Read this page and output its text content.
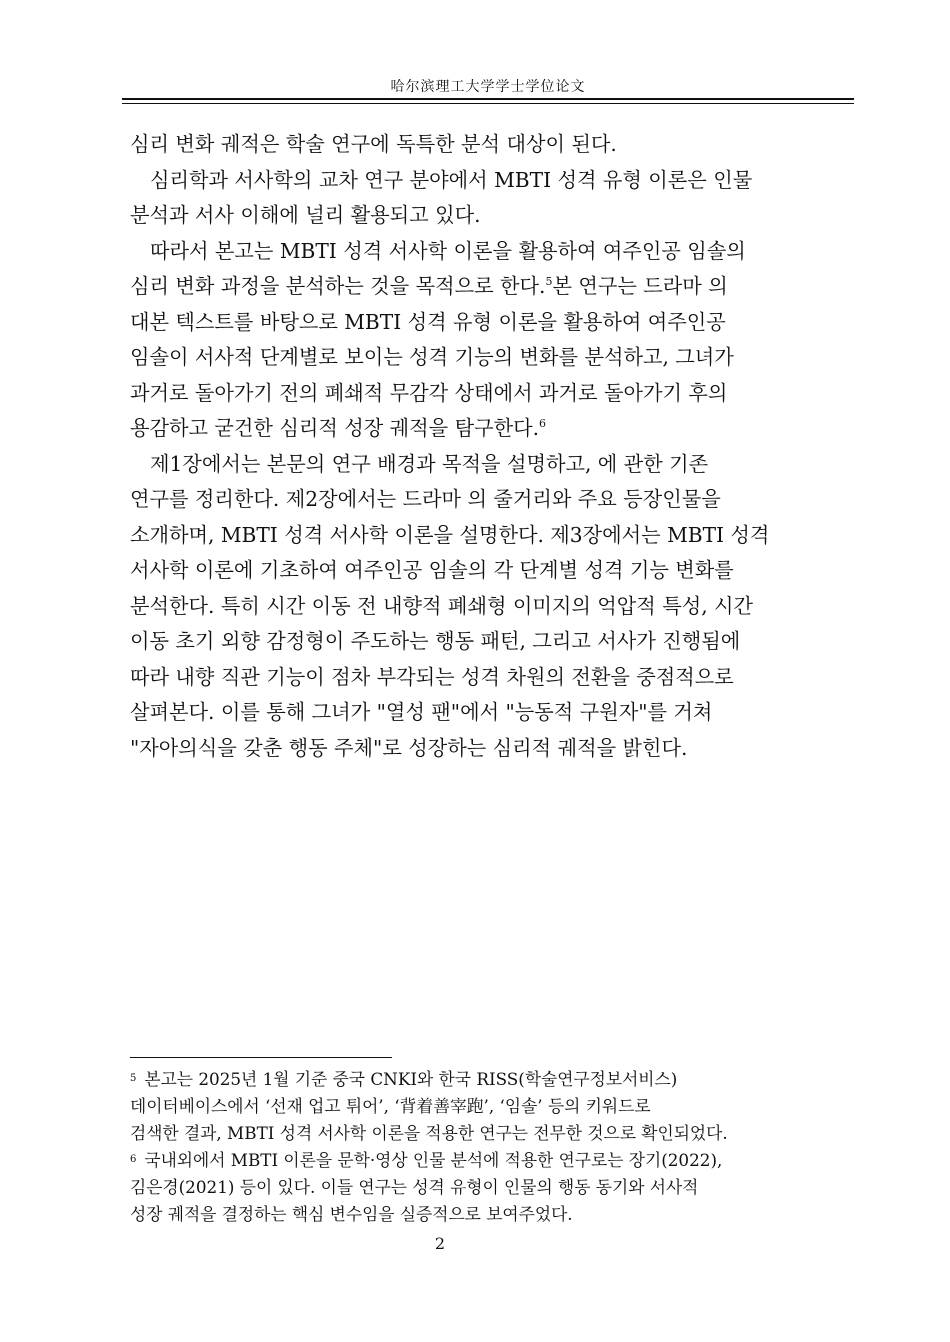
哈尔滨理工大学学士学位论文
심리 변화 궤적은 학술 연구에 독특한 분석 대상이 된다.
심리학과 서사학의 교차 연구 분야에서 MBTI 성격 유형 이론은 인물
분석과 서사 이해에 널리 활용되고 있다.
따라서 본고는 MBTI 성격 서사학 이론을 활용하여 여주인공 임솔의
심리 변화 과정을 분석하는 것을 목적으로 한다.$^5$본 연구는 드라마 의
대본 텍스트를 바탕으로 MBTI 성격 유형 이론을 활용하여 여주인공
임솔이 서사적 단계별로 보이는 성격 기능의 변화를 분석하고, 그녀가
과거로 돌아가기 전의 폐쇄적 무감각 상태에서 과거로 돌아가기 후의
용감하고 굳건한 심리적 성장 궤적을 탐구한다.$^6$
제1장에서는 본문의 연구 배경과 목적을 설명하고, 에 관한 기존
연구를 정리한다. 제2장에서는 드라마 의 줄거리와 주요 등장인물을
소개하며, MBTI 성격 서사학 이론을 설명한다. 제3장에서는 MBTI 성격
서사학 이론에 기초하여 여주인공 임솔의 각 단계별 성격 기능 변화를
분석한다. 특히 시간 이동 전 내향적 폐쇄형 이미지의 억압적 특성, 시간
이동 초기 외향 감정형이 주도하는 행동 패턴, 그리고 서사가 진행됨에
따라 내향 직관 기능이 점차 부각되는 성격 차원의 전환을 중점적으로
살펴본다. 이를 통해 그녀가 "열성 팬"에서 "능동적 구원자"를 거쳐
"자아의식을 갖춘 행동 주체"로 성장하는 심리적 궤적을 밝힌다.
$^5$ 본고는 2025년 1월 기준 중국 CNKI와 한국 RISS(학술연구정보서비스)
데이터베이스에서 ‘선재 업고 튀어’, ‘背着善宰跑’, ‘임솔’ 등의 키워드로
검색한 결과, MBTI 성격 서사학 이론을 적용한 연구는 전무한 것으로 확인되었다.
$^6$ 국내외에서 MBTI 이론을 문학·영상 인물 분석에 적용한 연구로는 장기(2022),
김은경(2021) 등이 있다. 이들 연구는 성격 유형이 인물의 행동 동기와 서사적
성장 궤적을 결정하는 핵심 변수임을 실증적으로 보여주었다.
2
